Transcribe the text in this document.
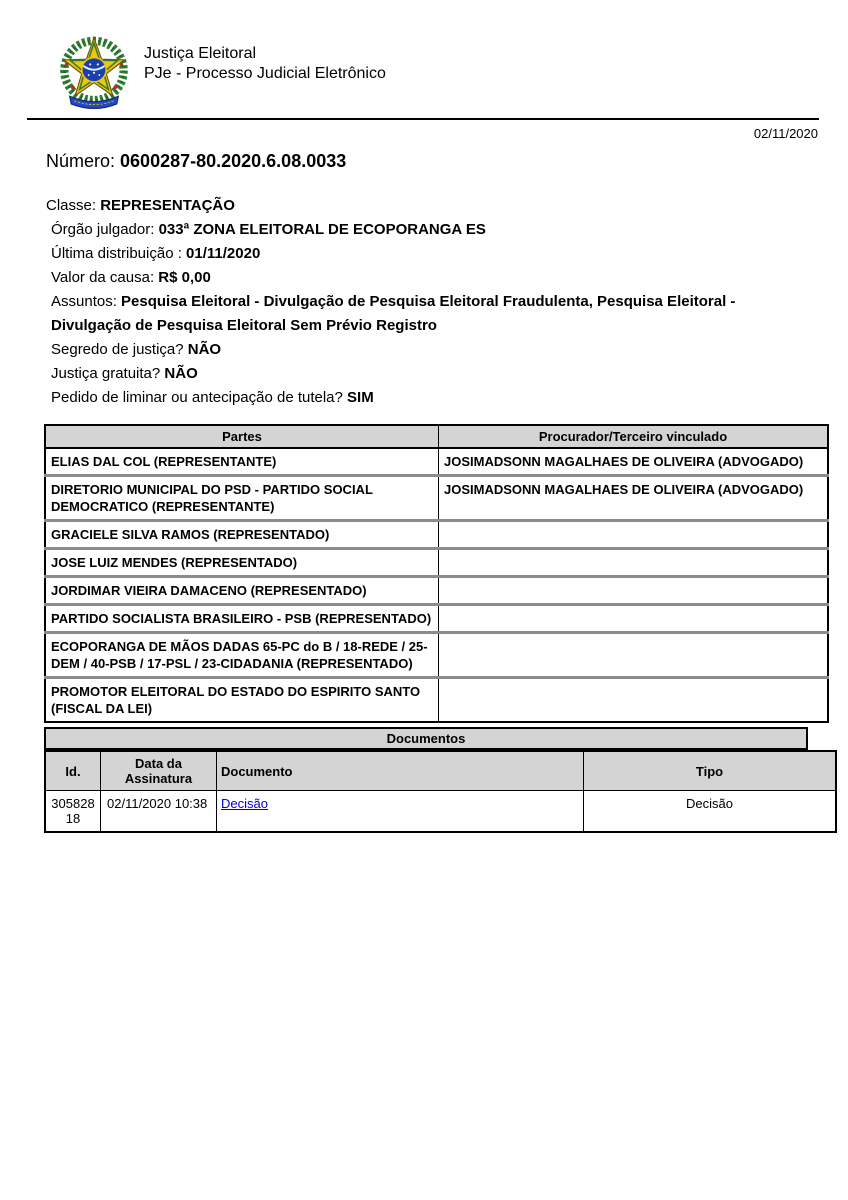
Justiça Eleitoral
PJe - Processo Judicial Eletrônico
02/11/2020
Número: 0600287-80.2020.6.08.0033
Classe: REPRESENTAÇÃO
Órgão julgador: 033ª ZONA ELEITORAL DE ECOPORANGA ES
Última distribuição : 01/11/2020
Valor da causa: R$ 0,00
Assuntos: Pesquisa Eleitoral - Divulgação de Pesquisa Eleitoral Fraudulenta, Pesquisa Eleitoral - Divulgação de Pesquisa Eleitoral Sem Prévio Registro
Segredo de justiça? NÃO
Justiça gratuita? NÃO
Pedido de liminar ou antecipação de tutela? SIM
Partes	Procurador/Terceiro vinculado
ELIAS DAL COL (REPRESENTANTE)	JOSIMADSONN MAGALHAES DE OLIVEIRA (ADVOGADO)
DIRETORIO MUNICIPAL DO PSD - PARTIDO SOCIAL DEMOCRATICO (REPRESENTANTE)	JOSIMADSONN MAGALHAES DE OLIVEIRA (ADVOGADO)
GRACIELE SILVA RAMOS (REPRESENTADO)	
JOSE LUIZ MENDES (REPRESENTADO)	
JORDIMAR VIEIRA DAMACENO (REPRESENTADO)	
PARTIDO SOCIALISTA BRASILEIRO - PSB (REPRESENTADO)	
ECOPORANGA DE MÃOS DADAS 65-PC do B / 18-REDE / 25-DEM / 40-PSB / 17-PSL / 23-CIDADANIA (REPRESENTADO)	
PROMOTOR ELEITORAL DO ESTADO DO ESPIRITO SANTO (FISCAL DA LEI)	
Documentos
Id.	Data da Assinatura	Documento	Tipo
30582818	02/11/2020 10:38	Decisão	Decisão
